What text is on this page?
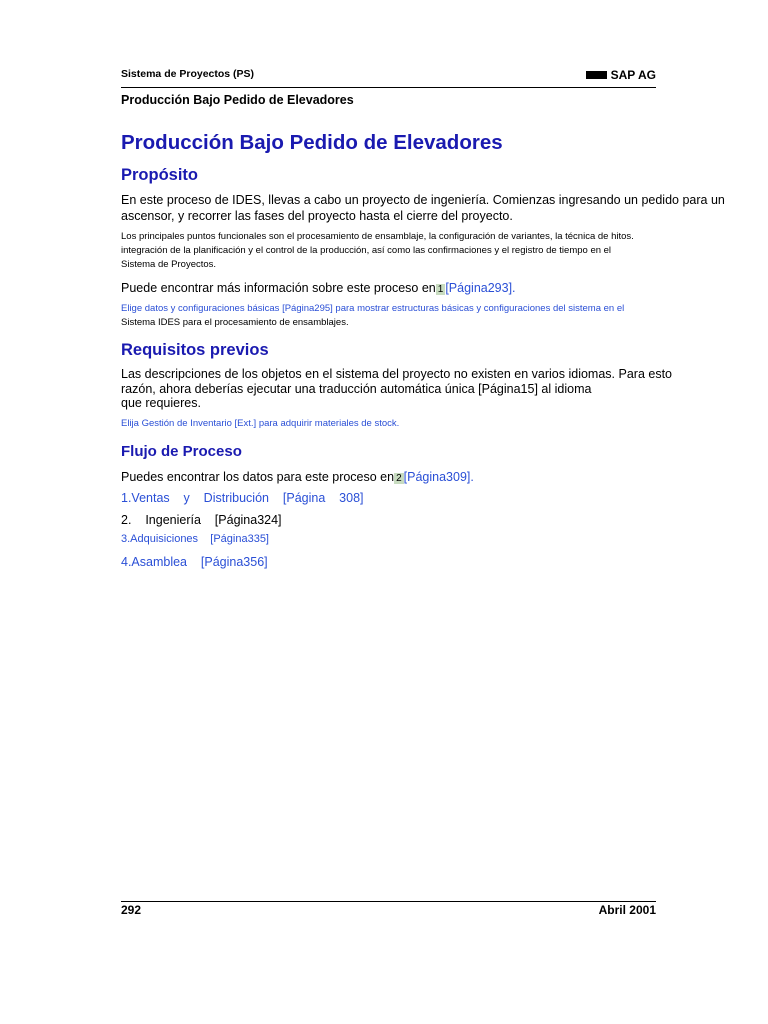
Sistema de Proyectos (PS)	SAP AG
Producción Bajo Pedido de Elevadores
Producción Bajo Pedido de Elevadores
Propósito
En este proceso de IDES, llevas a cabo un proyecto de ingeniería. Comienzas ingresando un pedido para un
ascensor, y recorrer las fases del proyecto hasta el cierre del proyecto.
Los principales puntos funcionales son el procesamiento de ensamblaje, la configuración de variantes, la técnica de hitos.
integración de la planificación y el control de la producción, así como las confirmaciones y el registro de tiempo en el
Sistema de Proyectos.
Puede encontrar más información sobre este proceso en 1 [Página293].
Elige datos y configuraciones básicas [Página295] para mostrar estructuras básicas y configuraciones del sistema en el
Sistema IDES para el procesamiento de ensamblajes.
Requisitos previos
Las descripciones de los objetos en el sistema del proyecto no existen en varios idiomas. Para esto
razón, ahora deberías ejecutar una traducción automática única [Página15] al idioma
que requieres.
Elija Gestión de Inventario [Ext.] para adquirir materiales de stock.
Flujo de Proceso
Puedes encontrar los datos para este proceso en 2 [Página309].
1.Ventas    y    Distribución    [Página    308]
2.    Ingeniería    [Página324]
3.Adquisiciones    [Página335]
4.Asamblea    [Página356]
292	Abril 2001
